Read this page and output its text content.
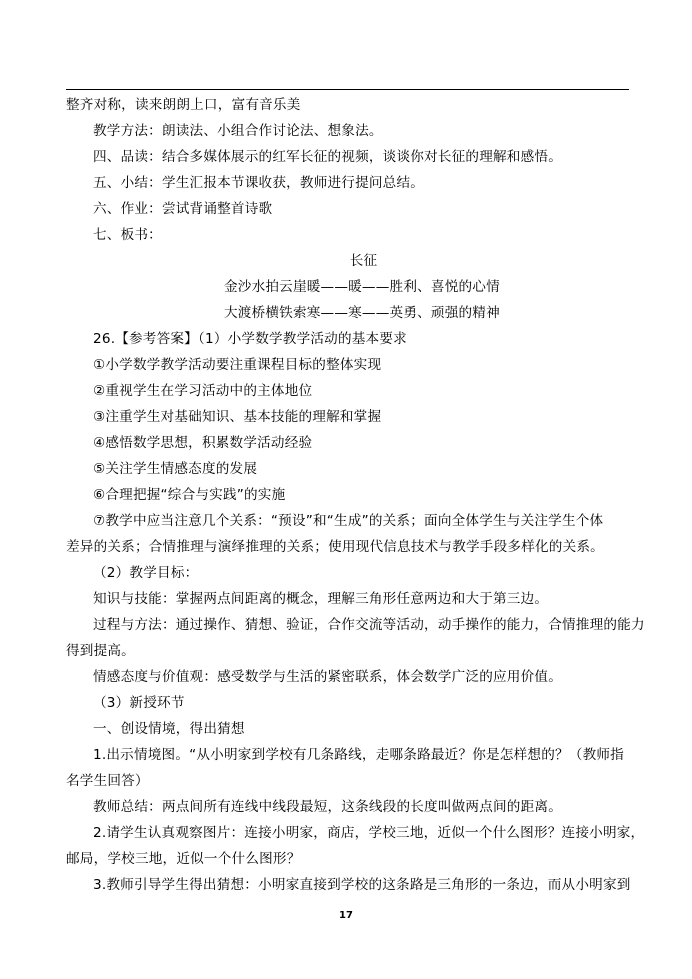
整齐对称，读来朗朗上口，富有音乐美
教学方法：朗读法、小组合作讨论法、想象法。
四、品读：结合多媒体展示的红军长征的视频，谈谈你对长征的理解和感悟。
五、小结：学生汇报本节课收获，教师进行提问总结。
六、作业：尝试背诵整首诗歌
七、板书：
长征
金沙水拍云崖暖——暖——胜利、喜悦的心情
大渡桥横铁索寒——寒——英勇、顽强的精神
26.【参考答案】（1）小学数学教学活动的基本要求
①小学数学教学活动要注重课程目标的整体实现
②重视学生在学习活动中的主体地位
③注重学生对基础知识、基本技能的理解和掌握
④感悟数学思想，积累数学活动经验
⑤关注学生情感态度的发展
⑥合理把握“综合与实践”的实施
⑦教学中应当注意几个关系：“预设”和“生成”的关系；面向全体学生与关注学生个体
差异的关系；合情推理与演绎推理的关系；使用现代信息技术与教学手段多样化的关系。
（2）教学目标：
知识与技能：掌握两点间距离的概念，理解三角形任意两边和大于第三边。
过程与方法：通过操作、猜想、验证，合作交流等活动，动手操作的能力，合情推理的能力
得到提高。
情感态度与价值观：感受数学与生活的紧密联系，体会数学广泛的应用价值。
（3）新授环节
一、创设情境，得出猜想
1.出示情境图。“从小明家到学校有几条路线，走哪条路最近？你是怎样想的？（教师指
名学生回答）
教师总结：两点间所有连线中线段最短，这条线段的长度叫做两点间的距离。
2.请学生认真观察图片：连接小明家，商店，学校三地，近似一个什么图形？连接小明家，
邮局，学校三地，近似一个什么图形？
3.教师引导学生得出猜想：小明家直接到学校的这条路是三角形的一条边，而从小明家到
17
